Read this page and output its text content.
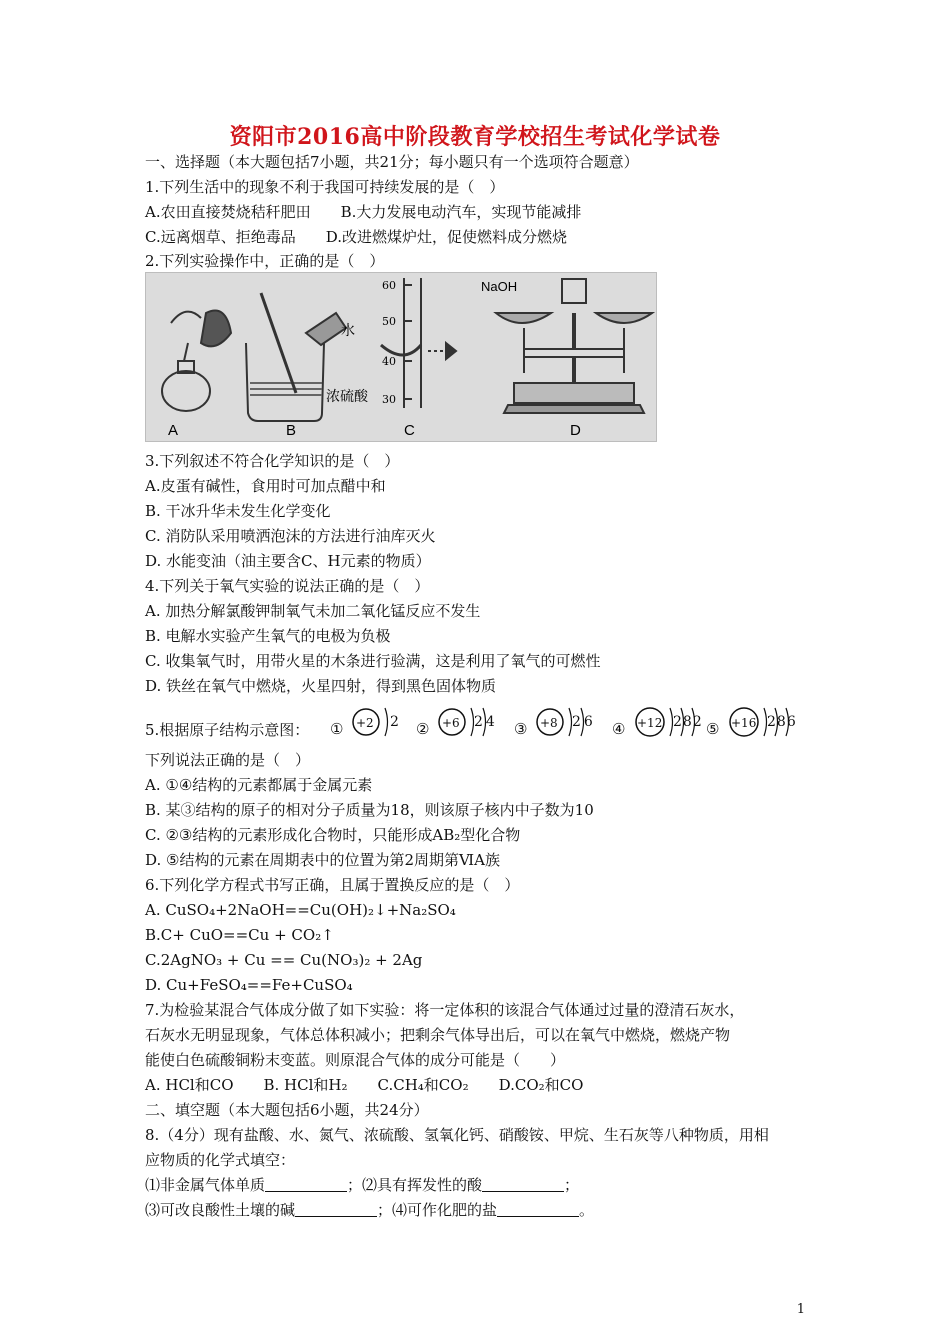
资阳市2016高中阶段教育学校招生考试化学试卷
一、选择题（本大题包括7小题，共21分；每小题只有一个选项符合题意）
1.下列生活中的现象不利于我国可持续发展的是（　）
A.农田直接焚烧秸秆肥田　　B.大力发展电动汽车，实现节能减排
C.远离烟草、拒绝毒品　　D.改进燃煤炉灶，促使燃料成分燃烧
2.下列实验操作中，正确的是（　）
A
水
浓硫酸
B
60
50
40
30
C
NaOH
D
3.下列叙述不符合化学知识的是（　）
A.皮蛋有碱性，食用时可加点醋中和
B. 干冰升华未发生化学变化
C. 消防队采用喷洒泡沫的方法进行油库灭火
D. 水能变油（油主要含C、H元素的物质）
4.下列关于氧气实验的说法正确的是（　）
A. 加热分解氯酸钾制氧气未加二氧化锰反应不发生
B. 电解水实验产生氧气的电极为负极
C. 收集氧气时，用带火星的木条进行验满，这是利用了氧气的可燃性
D. 铁丝在氧气中燃烧，火星四射，得到黑色固体物质
5.根据原子结构示意图： ① +2 2 ② +6 24 ③ +8 26 ④ +12 282 ⑤ +16 286
下列说法正确的是（　）
A. ①④结构的元素都属于金属元素
B. 某③结构的原子的相对分子质量为18，则该原子核内中子数为10
C. ②③结构的元素形成化合物时，只能形成AB₂型化合物
D. ⑤结构的元素在周期表中的位置为第2周期第ⅥA族
6.下列化学方程式书写正确，且属于置换反应的是（　）
A. CuSO₄+2NaOH==Cu(OH)₂↓+Na₂SO₄
B.C+ CuO==Cu + CO₂↑
C.2AgNO₃ + Cu == Cu(NO₃)₂ + 2Ag
D. Cu+FeSO₄==Fe+CuSO₄
7.为检验某混合气体成分做了如下实验：将一定体积的该混合气体通过过量的澄清石灰水，
石灰水无明显现象，气体总体积减小；把剩余气体导出后，可以在氧气中燃烧，燃烧产物
能使白色硫酸铜粉末变蓝。则原混合气体的成分可能是（　　）
A. HCl和CO　　B. HCl和H₂　　C.CH₄和CO₂　　D.CO₂和CO
二、填空题（本大题包括6小题，共24分）
8.（4分）现有盐酸、水、氮气、浓硫酸、氢氧化钙、硝酸铵、甲烷、生石灰等八种物质，用相
应物质的化学式填空：
⑴非金属气体单质	；⑵具有挥发性的酸	；
⑶可改良酸性土壤的碱	；⑷可作化肥的盐	。
1
